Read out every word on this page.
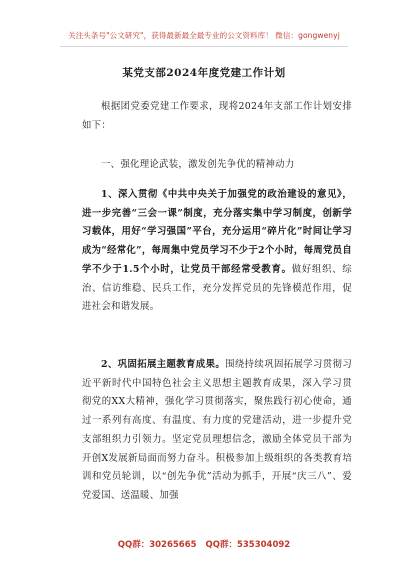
关注头条号"公文研究"，获得最新最全最专业的公文资料库！ 微信：gongwenyj
某党支部2024年度党建工作计划

根据团党委党建工作要求，现将2024年支部工作计划安排如下：

一、强化理论武装，激发创先争优的精神动力

1、深入贯彻《中共中央关于加强党的政治建设的意见》，进一步完善“三会一课”制度，充分落实集中学习制度，创新学习载体，用好“学习强国”平台，充分运用“碎片化”时间让学习成为“经常化”，每周集中党员学习不少于2个小时，每周党员自学不少于1.5个小时，让党员干部经常受教育。做好组织、综治、信访维稳、民兵工作，充分发挥党员的先锋模范作用，促进社会和谐发展。

2、巩固拓展主题教育成果。围绕持续巩固拓展学习贯彻习近平新时代中国特色社会主义思想主题教育成果，深入学习贯彻党的XX大精神，强化学习贯彻落实，聚焦践行初心使命，通过一系列有高度、有温度、有力度的党建活动，进一步提升党支部组织力引领力。坚定党员理想信念，激励全体党员干部为开创X发展新局面而努力奋斗。积极参加上级组织的各类教育培训和党员轮训，以“创先争优”活动为抓手，开展“庆三八”、爱党爱国、送温暖、加强

QQ群：30265665 QQ群：535304092
